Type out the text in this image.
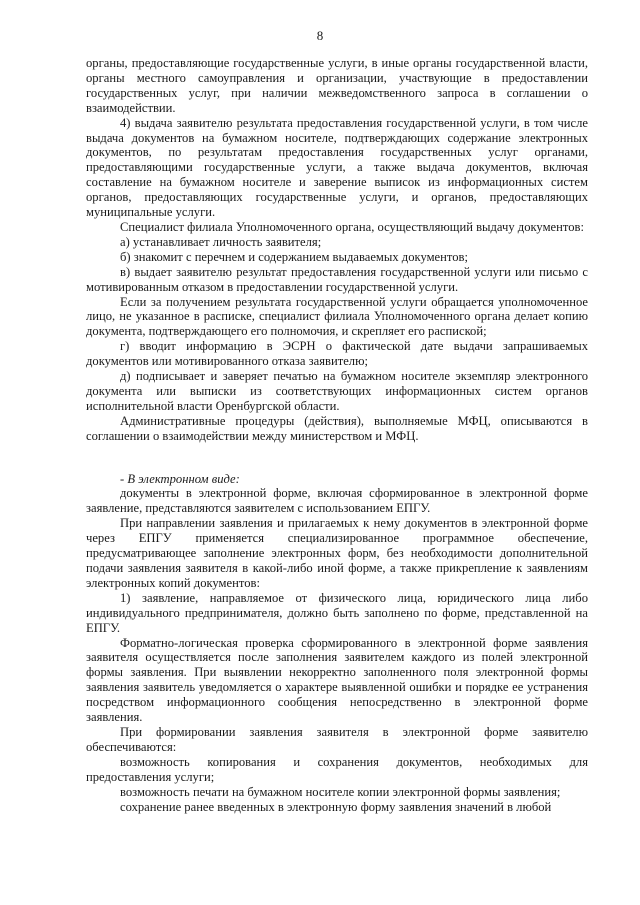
8

органы, предоставляющие государственные услуги, в иные органы государственной власти, органы местного самоуправления и организации, участвующие в предоставлении государственных услуг, при наличии межведомственного запроса в соглашении о взаимодействии.

4) выдача заявителю результата предоставления государственной услуги, в том числе выдача документов на бумажном носителе, подтверждающих содержание электронных документов, по результатам предоставления государственных услуг органами, предоставляющими государственные услуги, а также выдача документов, включая составление на бумажном носителе и заверение выписок из информационных систем органов, предоставляющих государственные услуги, и органов, предоставляющих муниципальные услуги.

Специалист филиала Уполномоченного органа, осуществляющий выдачу документов:

а) устанавливает личность заявителя;

б) знакомит с перечнем и содержанием выдаваемых документов;

в) выдает заявителю результат предоставления государственной услуги или письмо с мотивированным отказом в предоставлении государственной услуги.

Если за получением результата государственной услуги обращается уполномоченное лицо, не указанное в расписке, специалист филиала Уполномоченного органа делает копию документа, подтверждающего его полномочия, и скрепляет его распиской;

г) вводит информацию в ЭСРН о фактической дате выдачи запрашиваемых документов или мотивированного отказа заявителю;

д) подписывает и заверяет печатью на бумажном носителе экземпляр электронного документа или выписки из соответствующих информационных систем органов исполнительной власти Оренбургской области.

Административные процедуры (действия), выполняемые МФЦ, описываются в соглашении о взаимодействии между министерством и МФЦ.

- В электронном виде:

документы в электронной форме, включая сформированное в электронной форме заявление, представляются заявителем с использованием ЕПГУ.

При направлении заявления и прилагаемых к нему документов в электронной форме через ЕПГУ применяется специализированное программное обеспечение, предусматривающее заполнение электронных форм, без необходимости дополнительной подачи заявления заявителя в какой-либо иной форме, а также прикрепление к заявлениям электронных копий документов:

1) заявление, направляемое от физического лица, юридического лица либо индивидуального предпринимателя, должно быть заполнено по форме, представленной на ЕПГУ.

Форматно-логическая проверка сформированного в электронной форме заявления заявителя осуществляется после заполнения заявителем каждого из полей электронной формы заявления. При выявлении некорректно заполненного поля электронной формы заявления заявитель уведомляется о характере выявленной ошибки и порядке ее устранения посредством информационного сообщения непосредственно в электронной форме заявления.

При формировании заявления заявителя в электронной форме заявителю обеспечиваются:

возможность копирования и сохранения документов, необходимых для предоставления услуги;

возможность печати на бумажном носителе копии электронной формы заявления;

сохранение ранее введенных в электронную форму заявления значений в любой
